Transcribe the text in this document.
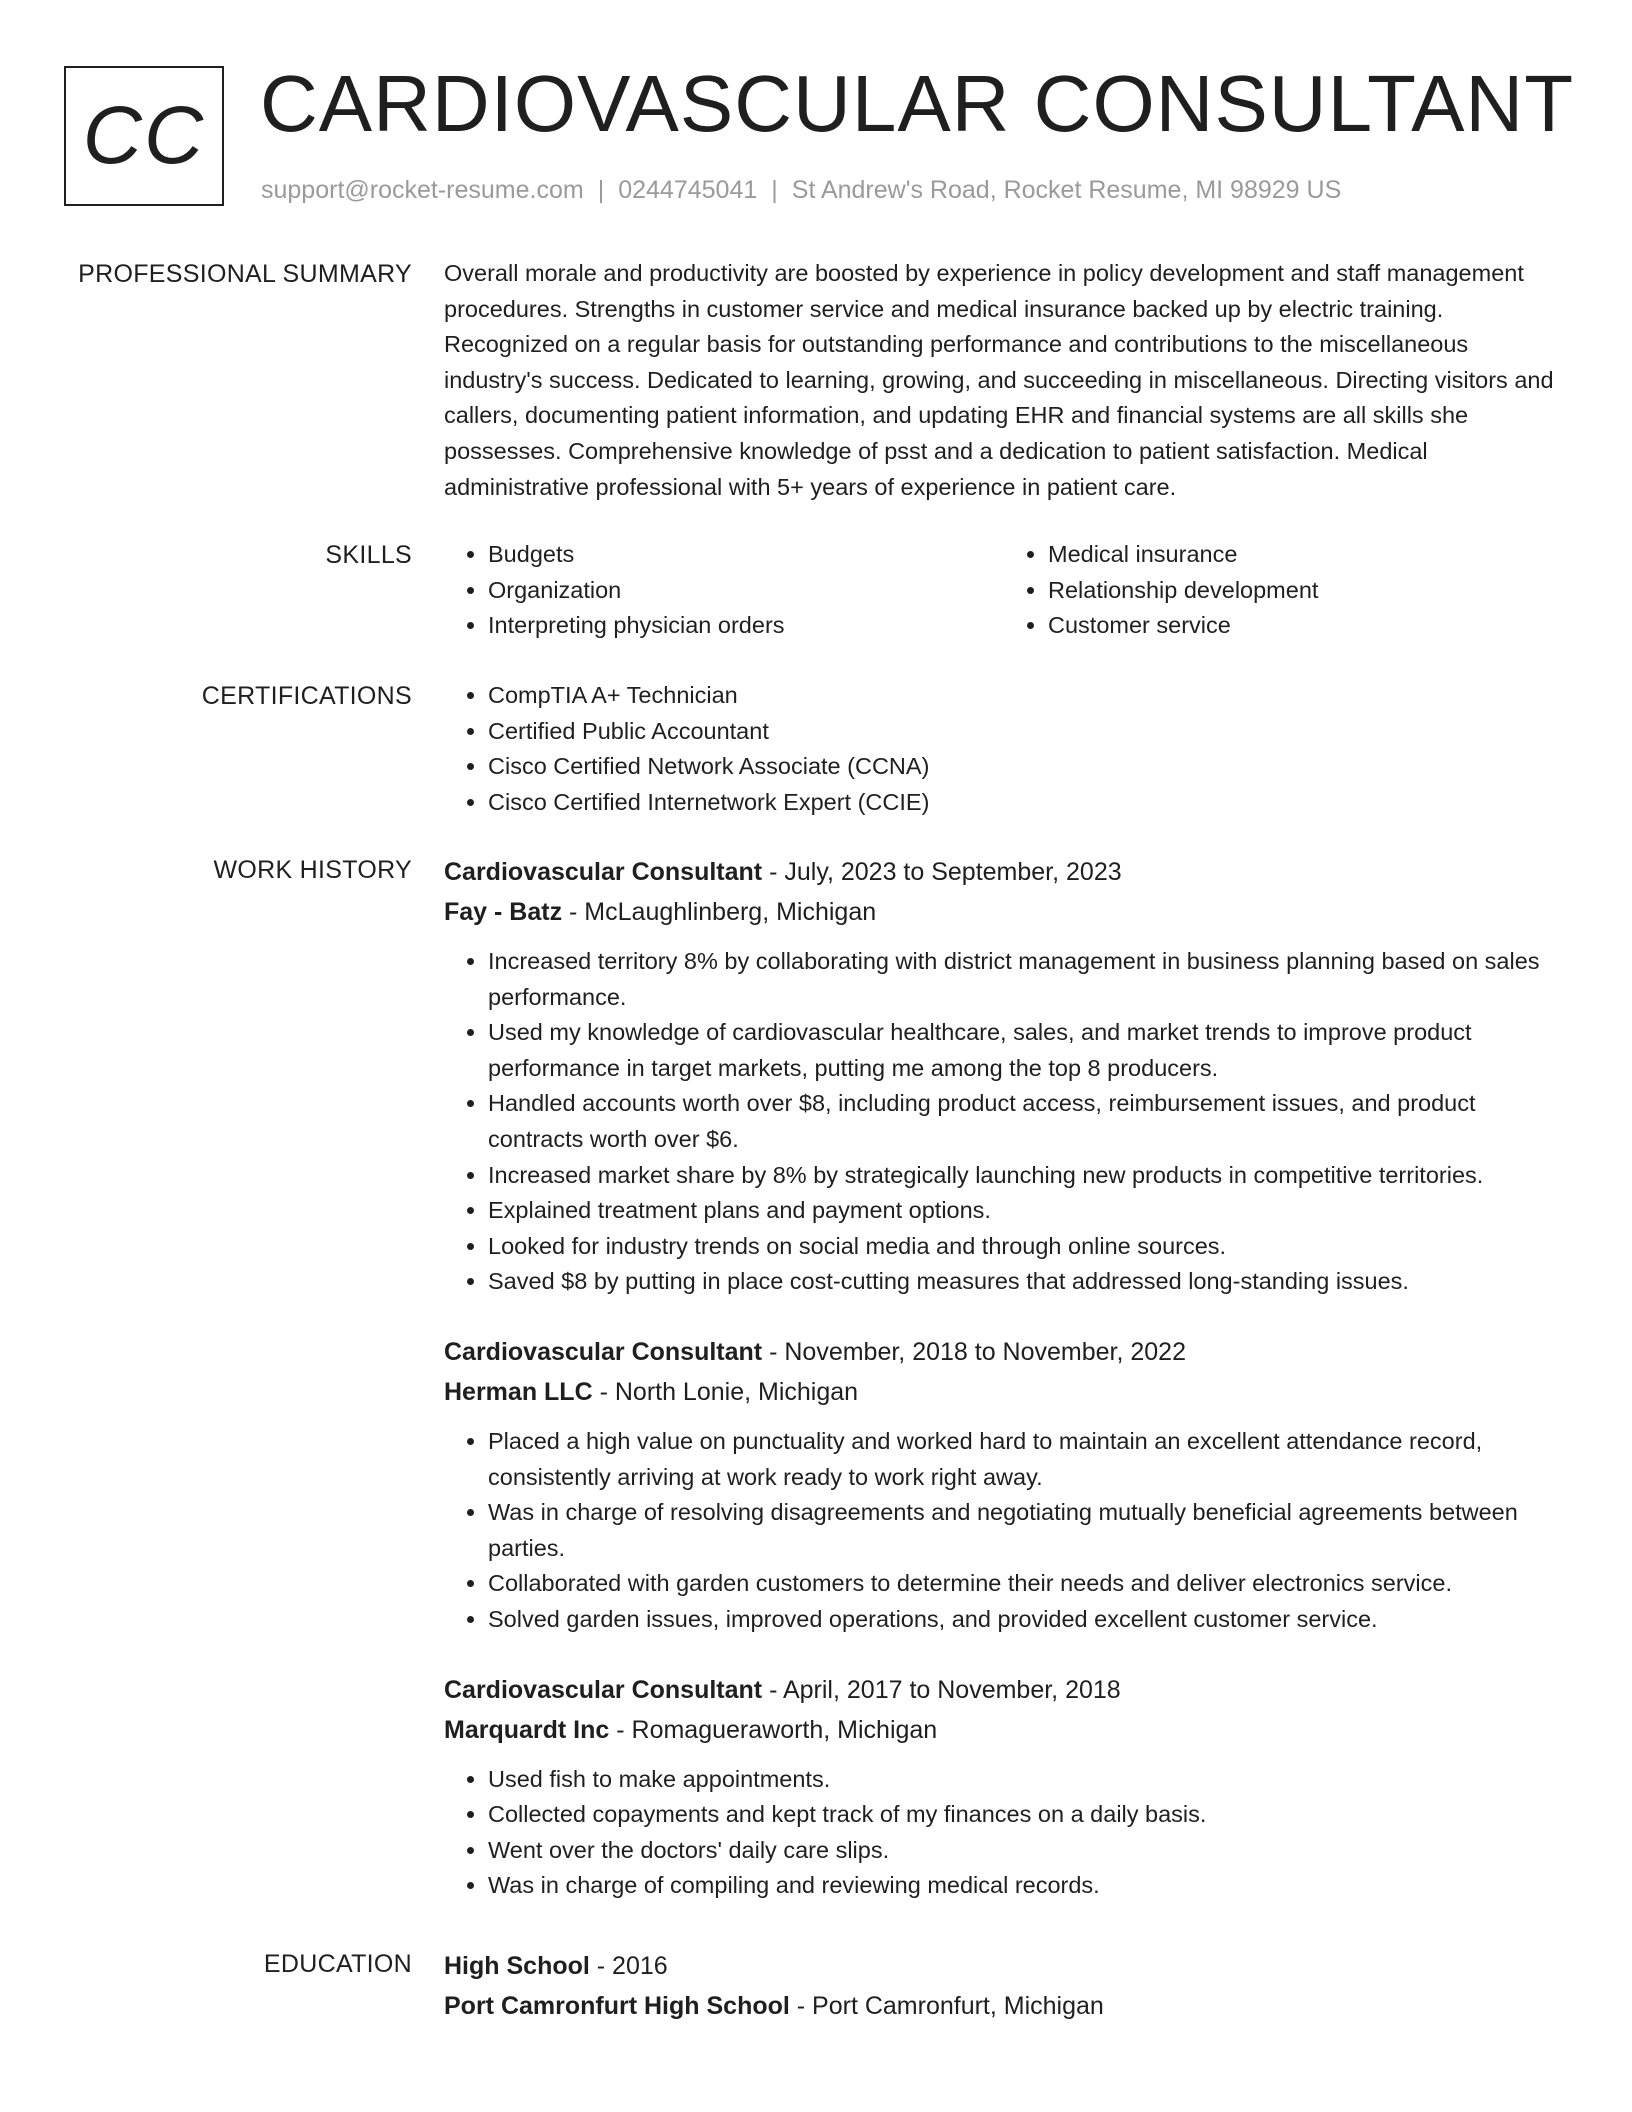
CC CARDIOVASCULAR CONSULTANT
support@rocket-resume.com | 0244745041 | St Andrew's Road, Rocket Resume, MI 98929 US
PROFESSIONAL SUMMARY Overall morale and productivity are boosted by experience in policy development and staff management procedures. Strengths in customer service and medical insurance backed up by electric training. Recognized on a regular basis for outstanding performance and contributions to the miscellaneous industry's success. Dedicated to learning, growing, and succeeding in miscellaneous. Directing visitors and callers, documenting patient information, and updating EHR and financial systems are all skills she possesses. Comprehensive knowledge of psst and a dedication to patient satisfaction. Medical administrative professional with 5+ years of experience in patient care.

SKILLS	• Budgets
• Organization
• Interpreting physician orders
• Medical insurance
• Relationship development
• Customer service
CERTIFICATIONS	• CompTIA A+ Technician
• Certified Public Accountant
• Cisco Certified Network Associate (CCNA)
• Cisco Certified Internetwork Expert (CCIE)
WORK HISTORY Cardiovascular Consultant - July, 2023 to September, 2023
Fay - Batz - McLaughlinberg, Michigan
• Increased territory 8% by collaborating with district management in business planning based on sales performance.
• Used my knowledge of cardiovascular healthcare, sales, and market trends to improve product performance in target markets, putting me among the top 8 producers.
• Handled accounts worth over $8, including product access, reimbursement issues, and product contracts worth over $6.
• Increased market share by 8% by strategically launching new products in competitive territories.
• Explained treatment plans and payment options.
• Looked for industry trends on social media and through online sources.
• Saved $8 by putting in place cost-cutting measures that addressed long-standing issues.
Cardiovascular Consultant - November, 2018 to November, 2022
Herman LLC - North Lonie, Michigan
• Placed a high value on punctuality and worked hard to maintain an excellent attendance record, consistently arriving at work ready to work right away.
• Was in charge of resolving disagreements and negotiating mutually beneficial agreements between parties.
• Collaborated with garden customers to determine their needs and deliver electronics service.
• Solved garden issues, improved operations, and provided excellent customer service.
Cardiovascular Consultant - April, 2017 to November, 2018
Marquardt Inc - Romagueraworth, Michigan
• Used fish to make appointments.
• Collected copayments and kept track of my finances on a daily basis.
• Went over the doctors' daily care slips.
• Was in charge of compiling and reviewing medical records.
EDUCATION High School - 2016
Port Camronfurt High School - Port Camronfurt, Michigan
